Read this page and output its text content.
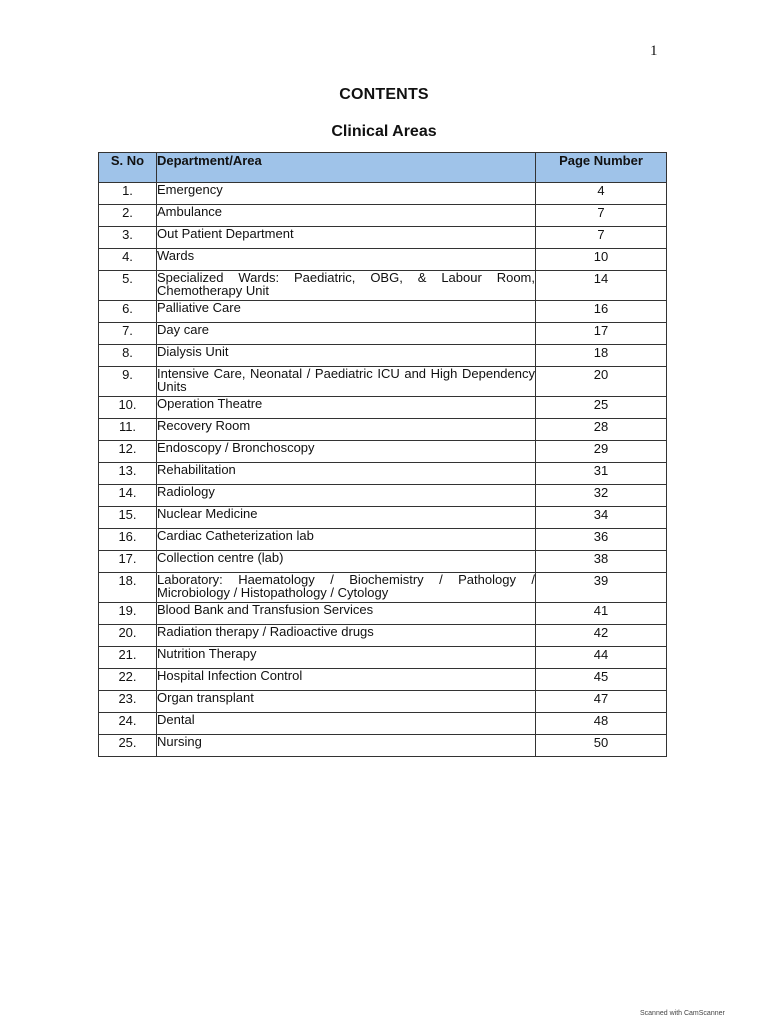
1
CONTENTS
Clinical Areas
S. No	Department/Area	Page Number
1.	Emergency	4
2.	Ambulance	7
3.	Out Patient Department	7
4.	Wards	10
5.	Specialized Wards: Paediatric, OBG, & Labour Room, Chemotherapy Unit	14
6.	Palliative Care	16
7.	Day care	17
8.	Dialysis Unit	18
9.	Intensive Care, Neonatal / Paediatric ICU and High Dependency Units	20
10.	Operation Theatre	25
11.	Recovery Room	28
12.	Endoscopy / Bronchoscopy	29
13.	Rehabilitation	31
14.	Radiology	32
15.	Nuclear Medicine	34
16.	Cardiac Catheterization lab	36
17.	Collection centre (lab)	38
18.	Laboratory: Haematology / Biochemistry / Pathology / Microbiology / Histopathology / Cytology	39
19.	Blood Bank and Transfusion Services	41
20.	Radiation therapy / Radioactive drugs	42
21.	Nutrition Therapy	44
22.	Hospital Infection Control	45
23.	Organ transplant	47
24.	Dental	48
25.	Nursing	50
Scanned with CamScanner
